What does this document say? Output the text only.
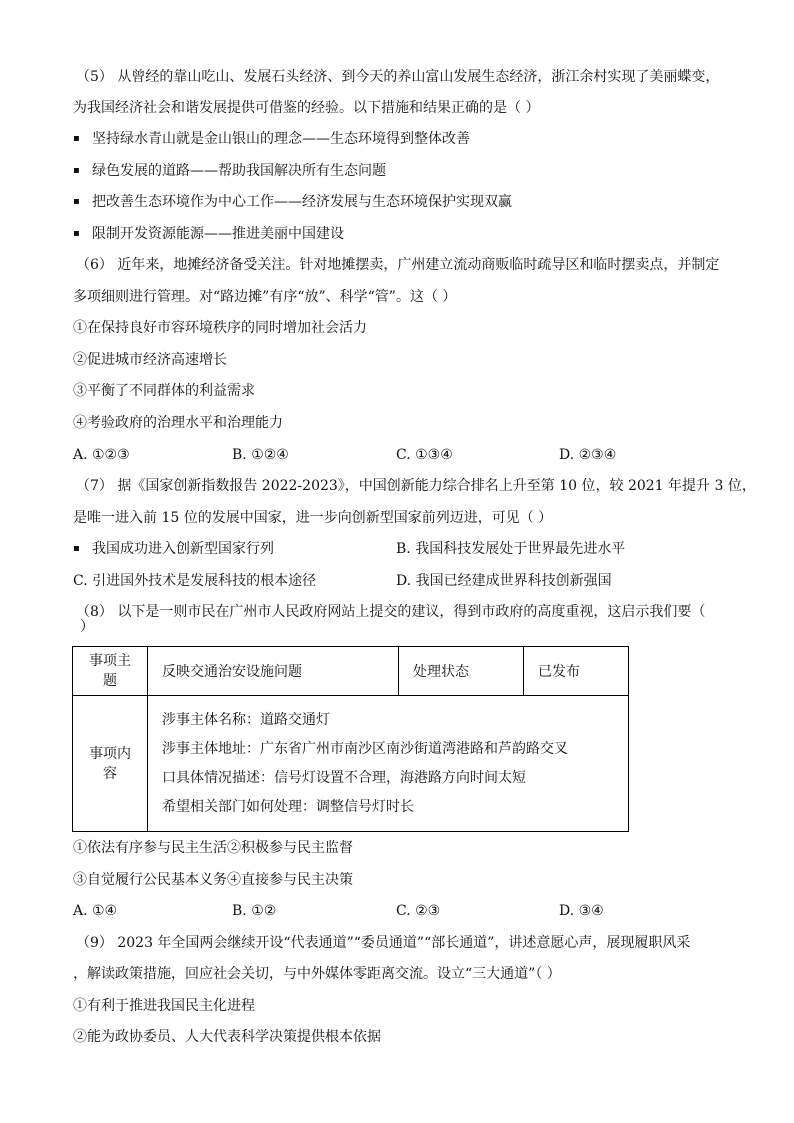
（5） 从曾经的靠山吃山、发展石头经济、到今天的养山富山发展生态经济，浙江余村实现了美丽蝶变，
为我国经济社会和谐发展提供可借鉴的经验。以下措施和结果正确的是（ ）
▪
坚持绿水青山就是金山银山的理念——生态环境得到整体改善
▪
绿色发展的道路——帮助我国解决所有生态问题
▪
把改善生态环境作为中心工作——经济发展与生态环境保护实现双赢
▪
限制开发资源能源——推进美丽中国建设
（6） 近年来，地摊经济备受关注。针对地摊摆卖，广州建立流动商贩临时疏导区和临时摆卖点，并制定
多项细则进行管理。对“路边摊”有序“放”、科学“管”。这（ ）
①在保持良好市容环境秩序的同时增加社会活力
②促进城市经济高速增长
③平衡了不同群体的利益需求
④考验政府的治理水平和治理能力
A. ①②③	B. ①②④	C. ①③④	D. ②③④
（7） 据《国家创新指数报告 2022-2023》，中国创新能力综合排名上升至第 10 位，较 2021 年提升 3 位，
是唯一进入前 15 位的发展中国家，进一步向创新型国家前列迈进，可见（ ）
▪
我国成功进入创新型国家行列	B. 我国科技发展处于世界最先进水平
C. 引进国外技术是发展科技的根本途径	D. 我国已经建成世界科技创新强国
（8） 以下是一则市民在广州市人民政府网站上提交的建议，得到市政府的高度重视，这启示我们要（
）
事项主题	反映交通治安设施问题	处理状态	已发布
事项内容	涉事主体名称：道路交通灯
涉事主体地址：广东省广州市南沙区南沙街道湾港路和芦韵路交叉
口具体情况描述：信号灯设置不合理，海港路方向时间太短
希望相关部门如何处理：调整信号灯时长		
①依法有序参与民主生活②积极参与民主监督
③自觉履行公民基本义务④直接参与民主决策
A. ①④	B. ①②	C. ②③	D. ③④
（9） 2023 年全国两会继续开设“代表通道”“委员通道”“部长通道”，讲述意愿心声，展现履职风采
，解读政策措施，回应社会关切，与中外媒体零距离交流。设立“三大通道”（ ）
①有利于推进我国民主化进程
②能为政协委员、人大代表科学决策提供根本依据
